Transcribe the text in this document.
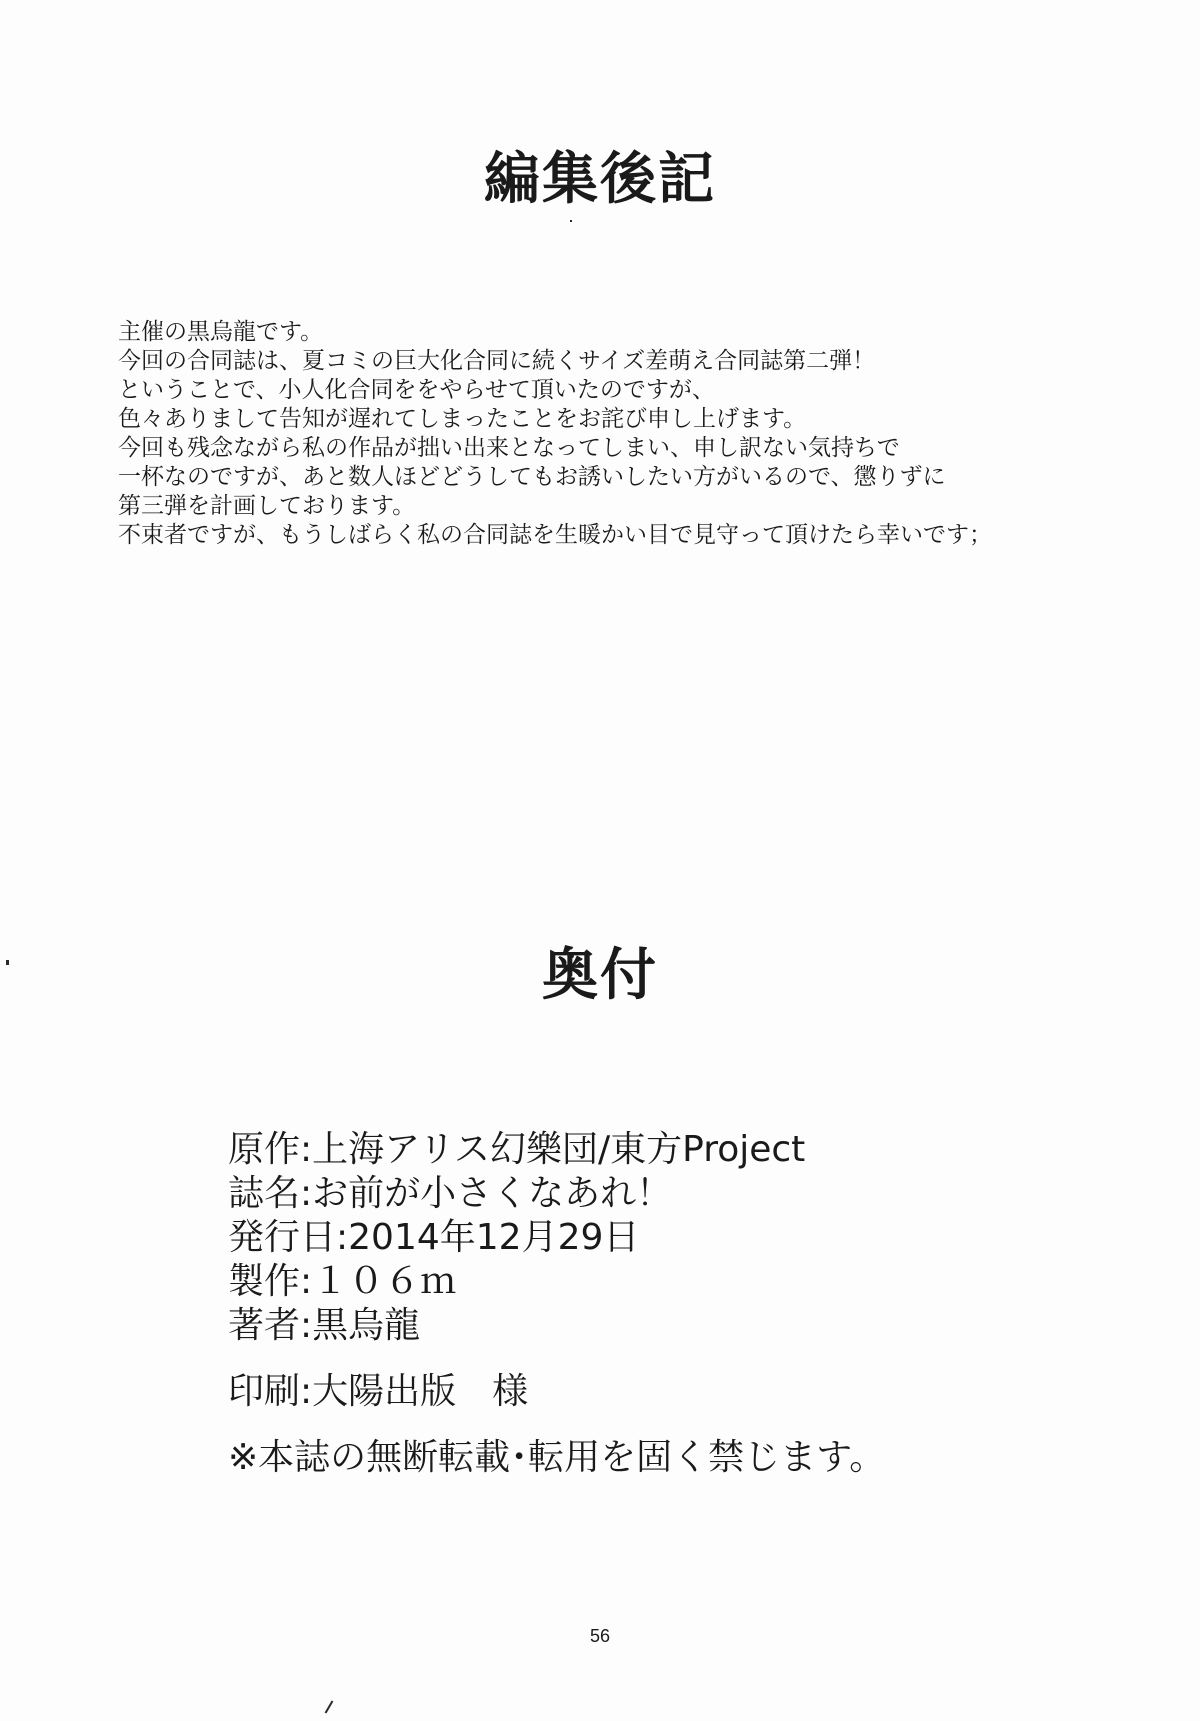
編集後記
主催の黒烏龍です。
今回の合同誌は、夏コミの巨大化合同に続くサイズ差萌え合同誌第二弾！
ということで、小人化合同ををやらせて頂いたのですが、
色々ありまして告知が遅れてしまったことをお詫び申し上げます。
今回も残念ながら私の作品が拙い出来となってしまい、申し訳ない気持ちで
一杯なのですが、あと数人ほどどうしてもお誘いしたい方がいるので、懲りずに
第三弾を計画しております。
不束者ですが、もうしばらく私の合同誌を生暖かい目で見守って頂けたら幸いです；
奥付
原作:上海アリス幻樂団/東方Project
誌名:お前が小さくなあれ！
発行日:2014年12月29日
製作:１０６ｍ
著者:黒烏龍
印刷:大陽出版　様
※本誌の無断転載･転用を固く禁じます。
56
